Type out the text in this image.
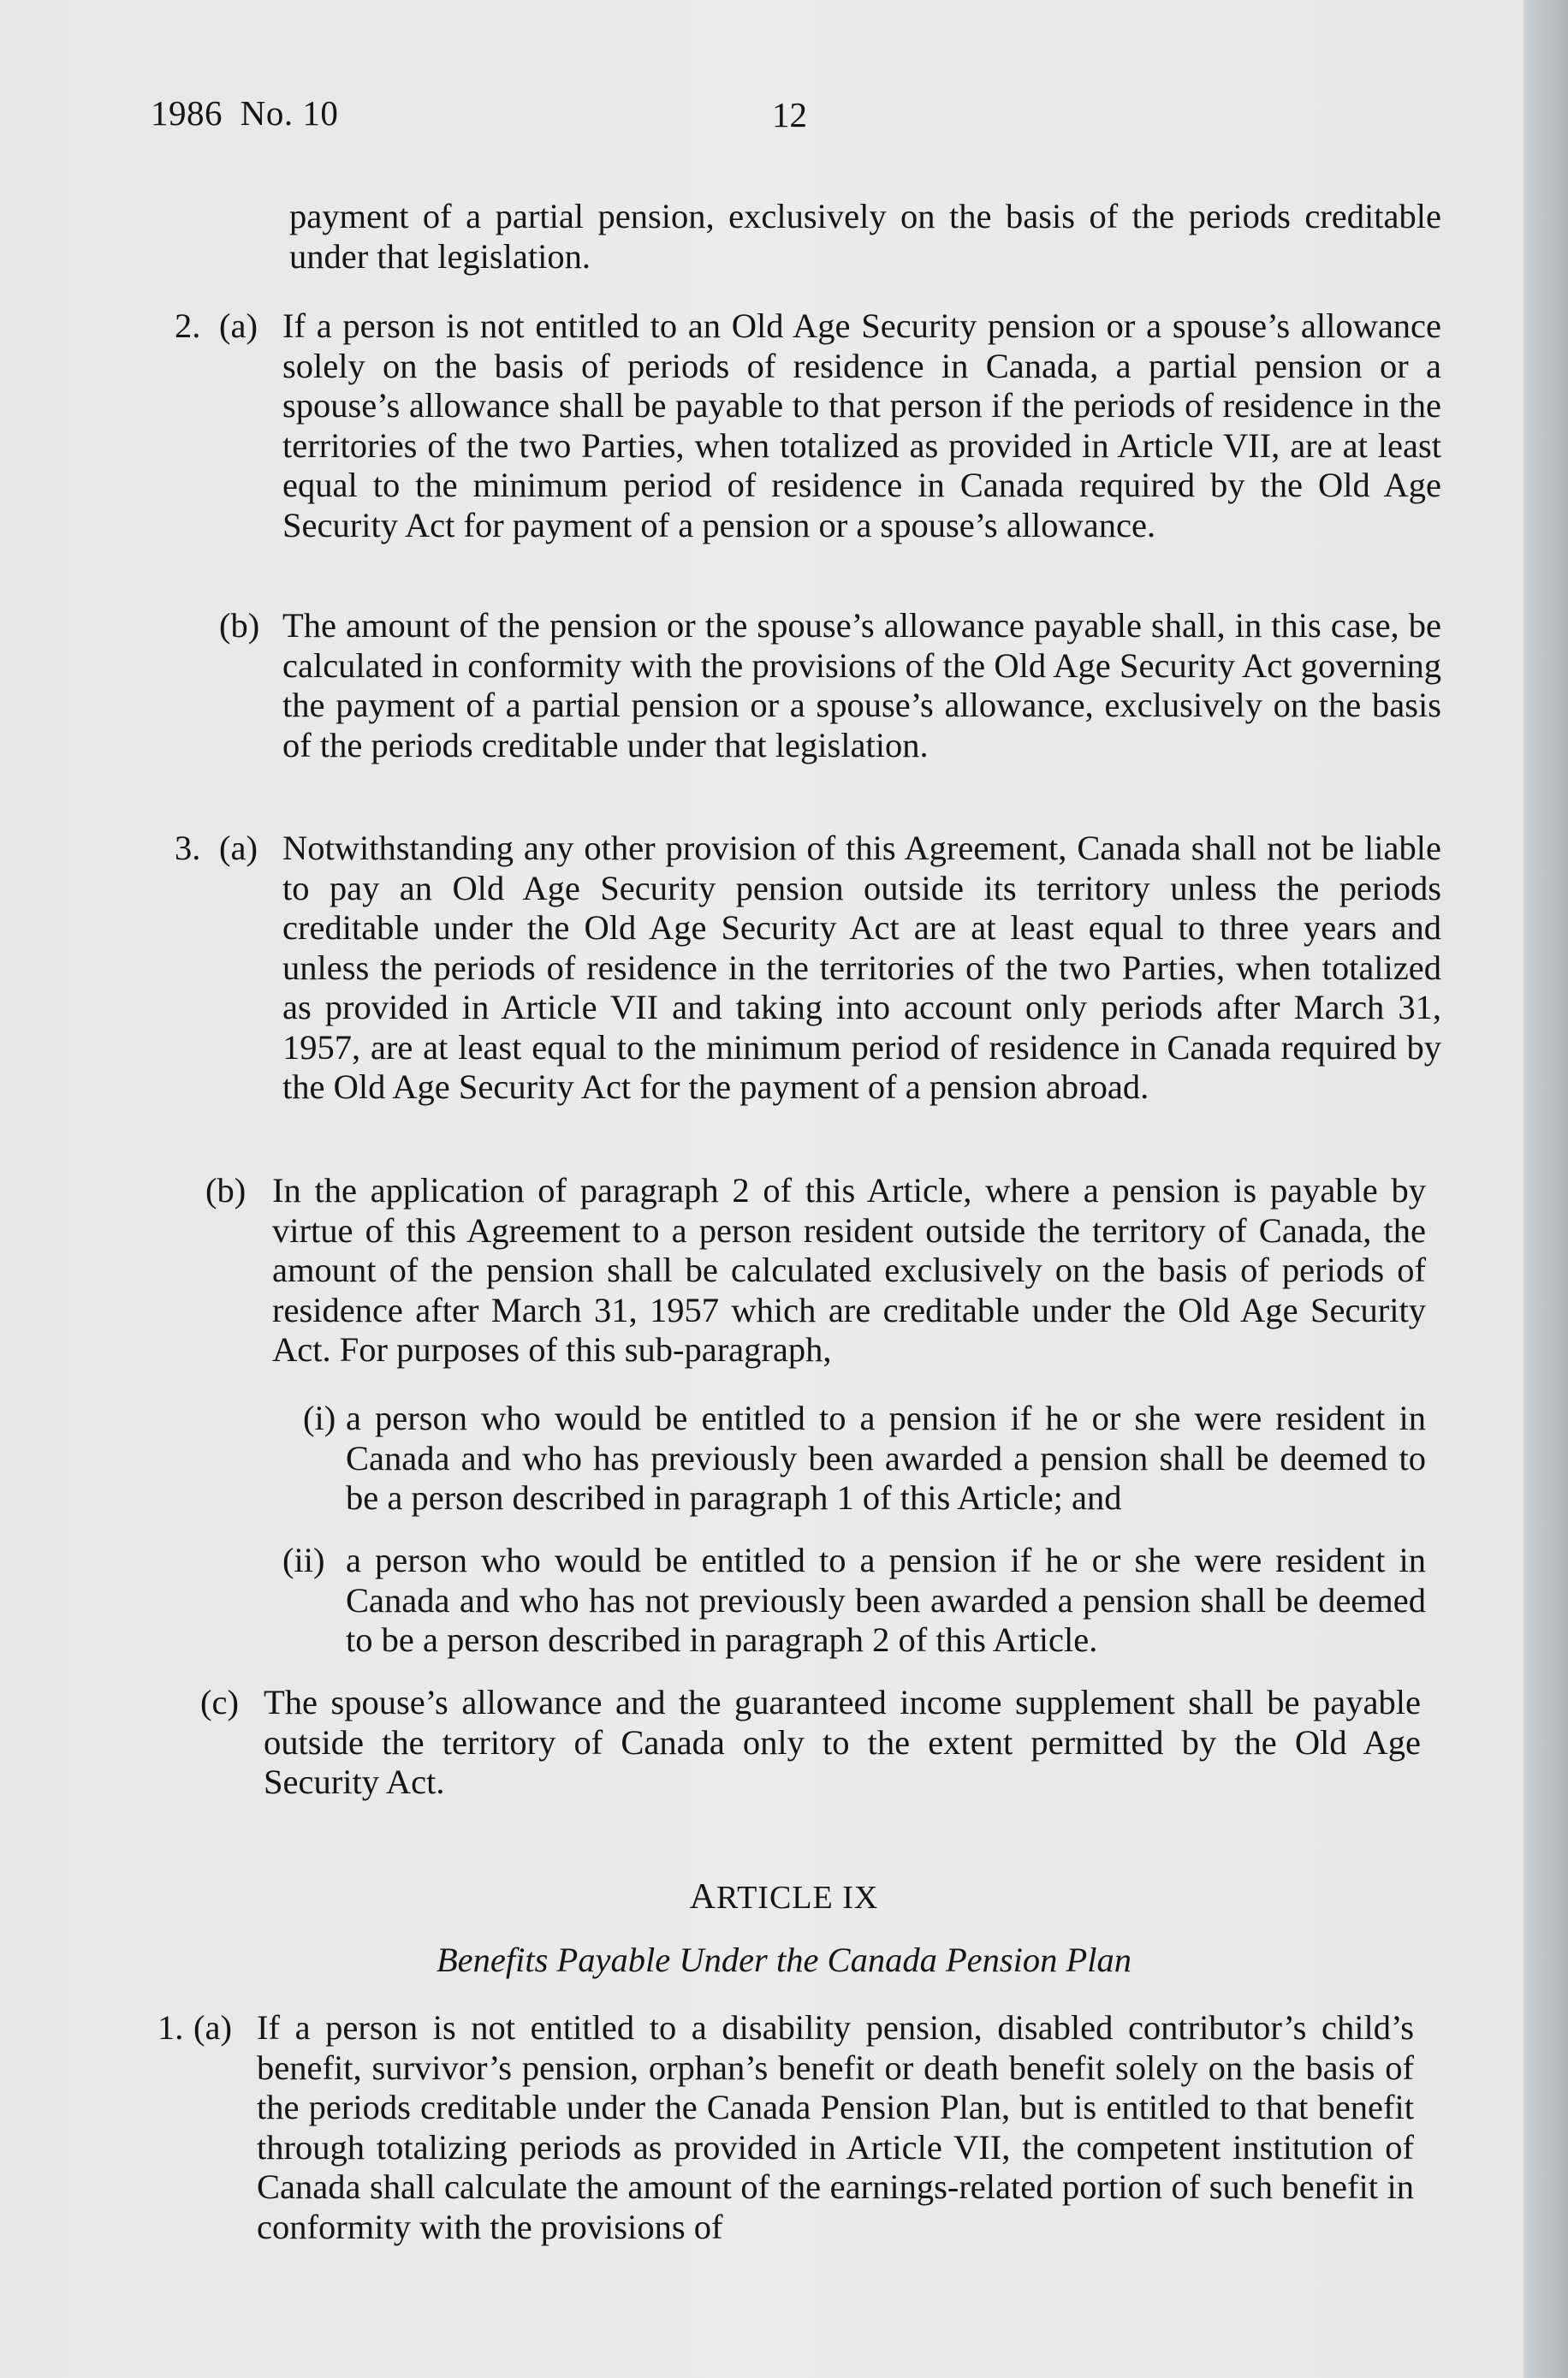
1986 No. 10	12
payment of a partial pension, exclusively on the basis of the periods creditable under that legislation.
2. (a) If a person is not entitled to an Old Age Security pension or a spouse’s allowance solely on the basis of periods of residence in Canada, a partial pension or a spouse’s allowance shall be payable to that person if the periods of residence in the territories of the two Parties, when totalized as provided in Article VII, are at least equal to the minimum period of residence in Canada required by the Old Age Security Act for payment of a pension or a spouse’s allowance.
(b) The amount of the pension or the spouse’s allowance payable shall, in this case, be calculated in conformity with the provisions of the Old Age Security Act governing the payment of a partial pension or a spouse’s allowance, exclusively on the basis of the periods creditable under that legislation.
3. (a) Notwithstanding any other provision of this Agreement, Canada shall not be liable to pay an Old Age Security pension outside its territory unless the periods creditable under the Old Age Security Act are at least equal to three years and unless the periods of residence in the territories of the two Parties, when totalized as provided in Article VII and taking into account only periods after March 31, 1957, are at least equal to the minimum period of residence in Canada required by the Old Age Security Act for the payment of a pension abroad.
(b) In the application of paragraph 2 of this Article, where a pension is payable by virtue of this Agreement to a person resident outside the territory of Canada, the amount of the pension shall be calculated exclusively on the basis of periods of residence after March 31, 1957 which are creditable under the Old Age Security Act. For purposes of this sub-paragraph,
(i) a person who would be entitled to a pension if he or she were resident in Canada and who has previously been awarded a pension shall be deemed to be a person described in paragraph 1 of this Article; and
(ii) a person who would be entitled to a pension if he or she were resident in Canada and who has not previously been awarded a pension shall be deemed to be a person described in paragraph 2 of this Article.
(c) The spouse’s allowance and the guaranteed income supplement shall be payable outside the territory of Canada only to the extent permitted by the Old Age Security Act.
ARTICLE IX
Benefits Payable Under the Canada Pension Plan
1. (a) If a person is not entitled to a disability pension, disabled contributor’s child’s benefit, survivor’s pension, orphan’s benefit or death benefit solely on the basis of the periods creditable under the Canada Pension Plan, but is entitled to that benefit through totalizing periods as provided in Article VII, the competent institution of Canada shall calculate the amount of the earnings-related portion of such benefit in conformity with the provisions of
